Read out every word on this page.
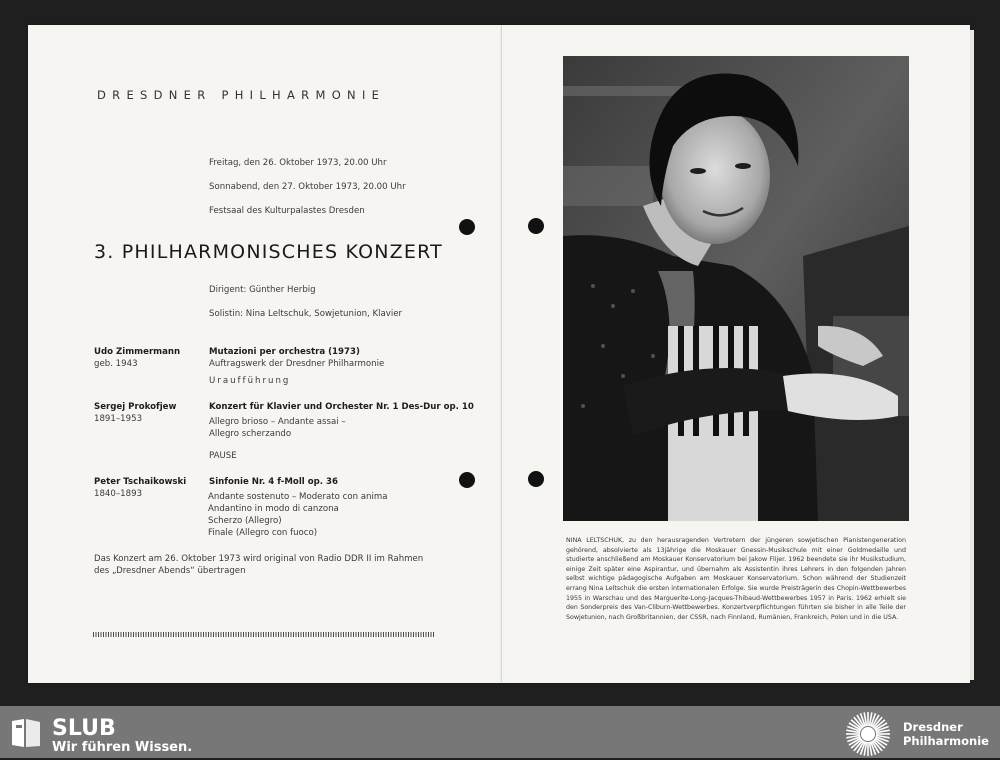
DRESDNER PHILHARMONIE
Freitag, den 26. Oktober 1973, 20.00 Uhr
Sonnabend, den 27. Oktober 1973, 20.00 Uhr
Festsaal des Kulturpalastes Dresden
3. PHILHARMONISCHES KONZERT
Dirigent: Günther Herbig
Solistin: Nina Leltschuk, Sowjetunion, Klavier
Udo Zimmermann
geb. 1943
Mutazioni per orchestra (1973)
Auftragswerk der Dresdner Philharmonie
Uraufführung
Sergej Prokofjew
1891–1953
Konzert für Klavier und Orchester Nr. 1 Des-Dur op. 10
Allegro brioso – Andante assai –
Allegro scherzando
PAUSE
Peter Tschaikowski
1840–1893
Sinfonie Nr. 4 f-Moll op. 36
Andante sostenuto – Moderato con anima
Andantino in modo di canzona
Scherzo (Allegro)
Finale (Allegro con fuoco)
Das Konzert am 26. Oktober 1973 wird original von Radio DDR II im Rahmen
des „Dresdner Abends“ übertragen
NINA LELTSCHUK, zu den herausragenden Vertretern der jüngeren sowjetischen Pianistengeneration gehörend, absolvierte als 13jährige die Moskauer Gnessin-Musikschule mit einer Goldmedaille und studierte anschließend am Moskauer Konservatorium bei Jakow Flijer. 1962 beendete sie ihr Musikstudium, einige Zeit später eine Aspirantur, und übernahm als Assistentin ihres Lehrers in den folgenden Jahren selbst wichtige pädagogische Aufgaben am Moskauer Konservatorium. Schon während der Studienzeit errang Nina Leltschuk die ersten internationalen Erfolge. Sie wurde Preisträgerin des Chopin-Wettbewerbes 1955 in Warschau und des Marguerite-Long-Jacques-Thibaud-Wettbewerbes 1957 in Paris. 1962 erhielt sie den Sonderpreis des Van-Cliburn-Wettbewerbes. Konzertverpflichtungen führten sie bisher in alle Teile der Sowjetunion, nach Großbritannien, der CSSR, nach Finnland, Rumänien, Frankreich, Polen und in die USA.
SLUB
Wir führen Wissen.
Dresdner
Philharmonie
